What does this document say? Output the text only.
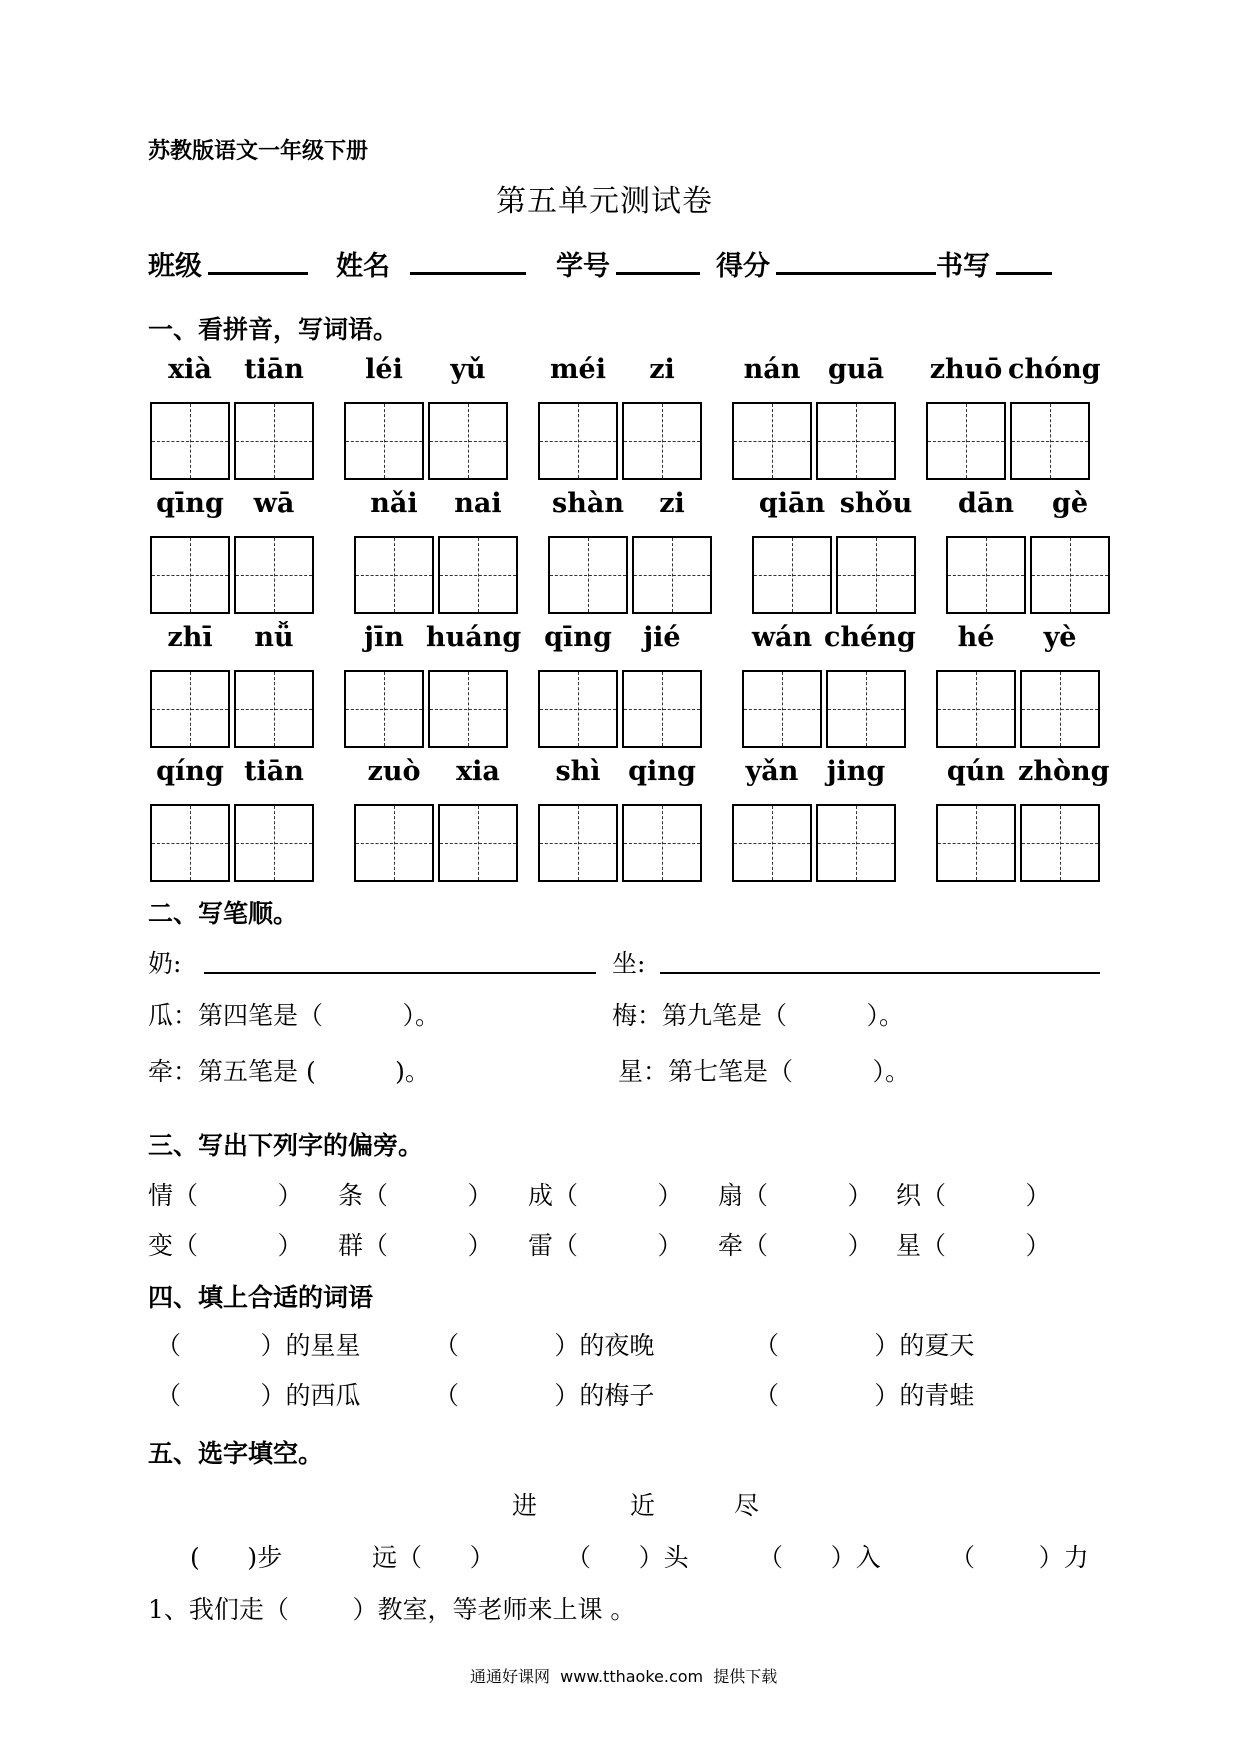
苏教版语文一年级下册
第五单元测试卷
班级	姓名	学号	得分	书写
一、看拼音，写词语。
xià	tiān	léi	yǔ	méi	zi	nán	guā	zhuō chóng
qīng	wā	nǎi	nai	shàn	zi	qiān shǒu	dān	gè
zhī	nǚ	jīn huáng qīng	jié	wán chéng	hé	yè
qíng tiān	zuò	xia	shì	qing	yǎn	jing	qún zhòng
二、写笔顺。
奶:	坐:
瓜：第四笔是（          ）。	梅：第九笔是（          ）。
牵：第五笔是 (          )。	星：第七笔是（          ）。
三、写出下列字的偏旁。
情（          ） 条（          ） 成（          ） 扇（          ） 织（          ）
变（          ） 群（          ） 雷（          ） 牵（          ） 星（          ）
四、填上合适的词语
（          ）的星星	（            ）的夜晚	（            ）的夏天
（          ）的西瓜	（            ）的梅子	（            ）的青蛙
五、选字填空。
进	近	尽
(      )步	远（      ）	（      ）头	（      ）入	（        ）力
1、我们走（        ）教室，等老师来上课 。
通通好课网  www.tthaoke.com  提供下载
